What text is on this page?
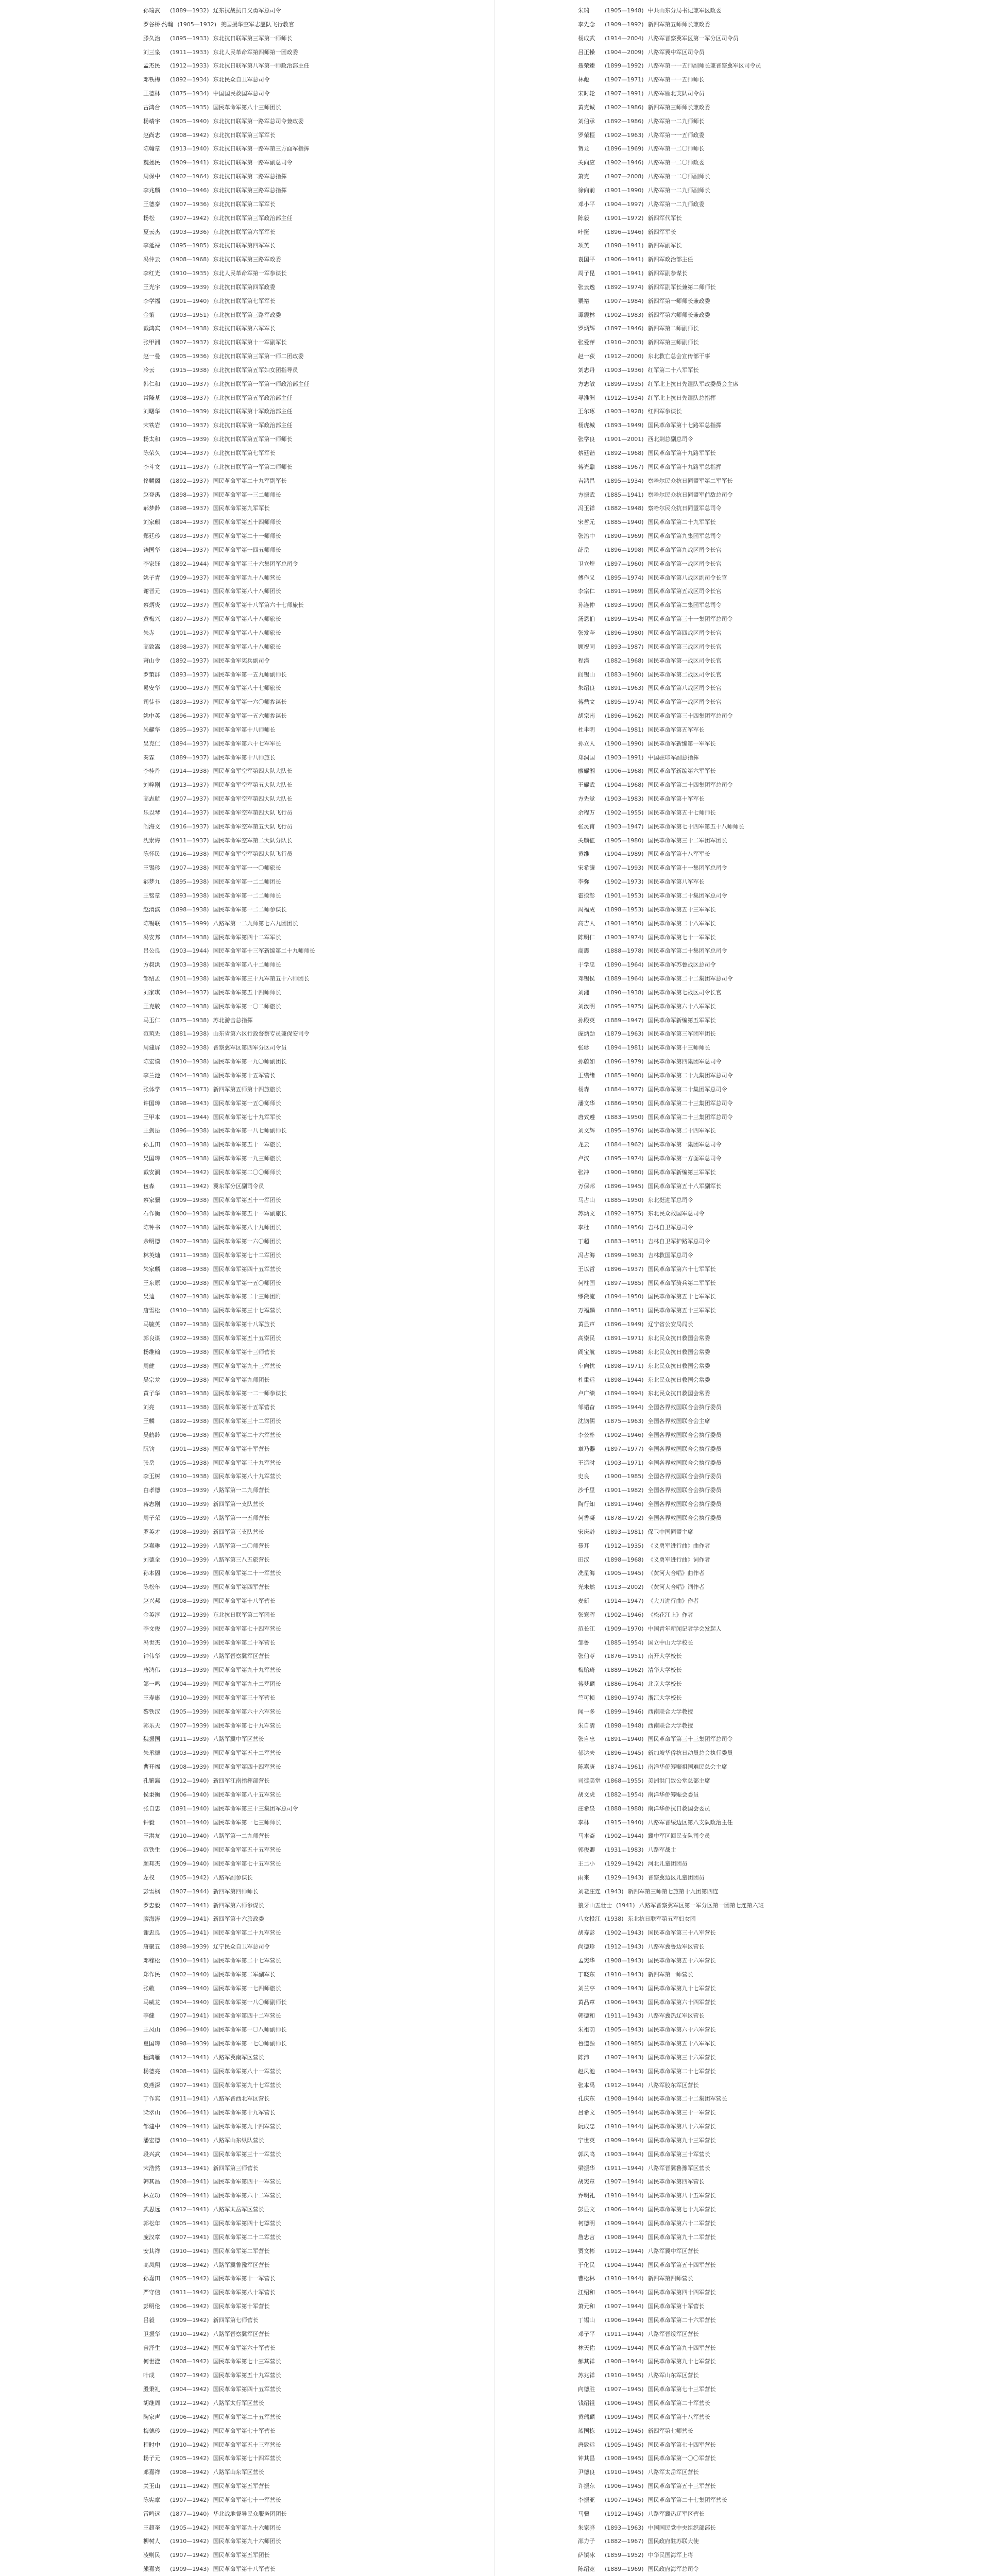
孙瑞武 (1889—1932) 辽东抗战抗日义勇军总司令
罗谷桥·约翰 (1905—1932) 美国援华空军志愿队飞行教官
滕久治 (1895—1933) 东北抗日联军第三军第一师师长
刘三泉 (1911—1933) 东北人民革命军第四师第一团政委
孟杰民 (1912—1933) 东北抗日联军第八军第一师政治部主任
邓铁梅 (1892—1934) 东北民众自卫军总司令
王德林 (1875—1934) 中国国民救国军总司令
古鸿台 (1905—1935) 国民革命军第八十三师团长
杨靖宇 (1905—1940) 东北抗日联军第一路军总司令兼政委
赵尚志 (1908—1942) 东北抗日联军第三军军长
陈翰章 (1913—1940) 东北抗日联军第一路军第三方面军指挥
魏拯民 (1909—1941) 东北抗日联军第一路军副总司令
周保中 (1902—1964) 东北抗日联军第二路军总指挥
李兆麟 (1910—1946) 东北抗日联军第三路军总指挥
王德泰 (1907—1936) 东北抗日联军第二军军长
杨松	(1907—1942) 东北抗日联军第三军政治部主任
夏云杰 (1903—1936) 东北抗日联军第六军军长
李延禄 (1895—1985) 东北抗日联军第四军军长
冯仲云 (1908—1968) 东北抗日联军第三路军政委
李红光 (1910—1935) 东北人民革命军第一军参谋长
王光宇 (1909—1939) 东北抗日联军第四军政委
李学福 (1901—1940) 东北抗日联军第七军军长
金策	(1903—1951) 东北抗日联军第三路军政委
戴鸿宾 (1904—1938) 东北抗日联军第六军军长
张甲洲 (1907—1937) 东北抗日联军第十一军副军长
赵一曼 (1905—1936) 东北抗日联军第三军第一师二团政委
冷云	(1915—1938) 东北抗日联军第五军妇女团指导员
韩仁和 (1910—1937) 东北抗日联军第一军第一师政治部主任
常隆基 (1908—1937) 东北抗日联军第五军政治部主任
刘曙华 (1910—1939) 东北抗日联军第十军政治部主任
宋铁岩 (1910—1937) 东北抗日联军第一军政治部主任
杨太和 (1905—1939) 东北抗日联军第五军第一师师长
陈荣久 (1904—1937) 东北抗日联军第七军军长
李斗文 (1911—1937) 东北抗日联军第一军第二师师长
佟麟阁 (1892—1937) 国民革命军第二十九军副军长
赵登禹 (1898—1937) 国民革命军第一三二师师长
郝梦龄 (1898—1937) 国民革命军第九军军长
刘家麒 (1894—1937) 国民革命军第五十四师师长
郑廷珍 (1893—1937) 国民革命军第二十一师师长
饶国华 (1894—1937) 国民革命军第一四五师师长
李家钰 (1892—1944) 国民革命军第三十六集团军总司令
姚子青 (1909—1937) 国民革命军第九十八师营长
谢晋元 (1905—1941) 国民革命军第八十八师团长
蔡炳炎 (1902—1937) 国民革命军第十八军第六十七师旅长
黄梅兴 (1897—1937) 国民革命军第八十八师旅长
朱赤	(1901—1937) 国民革命军第八十八师旅长
高致嵩 (1898—1937) 国民革命军第八十八师旅长
萧山令 (1892—1937) 国民革命军宪兵副司令
罗策群 (1893—1937) 国民革命军第一五九师副师长
易安华 (1900—1937) 国民革命军第八十七师旅长
司徒非 (1893—1937) 国民革命军第一六〇师参谋长
姚中英 (1896—1937) 国民革命军第一五六师参谋长
朱耀华 (1895—1937) 国民革命军第十八师师长
吴克仁 (1894—1937) 国民革命军第六十七军军长
秦霖	(1889—1937) 国民革命军第十八师旅长
李桂丹 (1914—1938) 国民革命军空军第四大队大队长
刘粹刚 (1913—1937) 国民革命军空军第五大队大队长
高志航 (1907—1937) 国民革命军空军第四大队大队长
乐以琴 (1914—1937) 国民革命军空军第四大队飞行员
阎海文 (1916—1937) 国民革命军空军第五大队飞行员
沈崇诲 (1911—1937) 国民革命军空军第二大队分队长
陈怀民 (1916—1938) 国民革命军空军第四大队飞行员
王锡珍 (1907—1938) 国民革命军第一一〇师旅长
郝梦九 (1895—1938) 国民革命军第一二二师团长
王铭章 (1893—1938) 国民革命军第一二二师师长
赵渭滨 (1898—1938) 国民革命军第一二二师参谋长
陈锡联 (1915—1999) 八路军第一二九师第七六九团团长
冯安邦 (1884—1938) 国民革命军第四十二军军长
吕公良 (1903—1944) 国民革命军第十三军新编第二十九师师长
方叔洪 (1903—1938) 国民革命军第八十二师师长
邹绍孟 (1901—1938) 国民革命军第三十九军第五十六师团长
刘家琪 (1894—1937) 国民革命军第五十四师师长
王克敬 (1902—1938) 国民革命军第一〇二师旅长
马玉仁 (1875—1938) 苏北游击总指挥
范筑先 (1881—1938) 山东省第六区行政督察专员兼保安司令
周建屏 (1892—1938) 晋察冀军区第四军分区司令员
陈宏谟 (1910—1938) 国民革命军第一九〇师副团长
李兰池 (1904—1938) 国民革命军第十五军营长
张体学 (1915—1973) 新四军第五师第十四旅旅长
许国璋 (1898—1943) 国民革命军第一五〇师师长
王甲本 (1901—1944) 国民革命军第七十九军军长
王剑岳 (1896—1938) 国民革命军第一八七师副师长
孙玉田 (1903—1938) 国民革命军第五十一军旅长
吴国璋 (1905—1938) 国民革命军第一九三师旅长
戴安澜 (1904—1942) 国民革命军第二〇〇师师长
包森	(1911—1942) 冀东军分区副司令员
蔡家骥 (1909—1938) 国民革命军第五十一军团长
石作衡 (1900—1938) 国民革命军第五十一军副旅长
陈钟书 (1907—1938) 国民革命军第八十九师团长
佘明德 (1907—1938) 国民革命军第一六〇师团长
林英灿 (1911—1938) 国民革命军第七十二军团长
朱家麟 (1898—1938) 国民革命军第四十五军营长
王东原 (1900—1938) 国民革命军第一五〇师团长
吴迪	(1907—1938) 国民革命军第二十三师团附
唐雪松 (1910—1938) 国民革命军第三十七军营长
马毓英 (1897—1938) 国民革命军第十八军旅长
郭良谋 (1902—1938) 国民革命军第五十五军团长
杨维翰 (1905—1938) 国民革命军第十三师营长
周健	(1903—1938) 国民革命军第九十三军营长
吴宗龙 (1909—1938) 国民革命军第九师团长
黄子华 (1893—1938) 国民革命军第一二一师参谋长
刘亮	(1911—1938) 国民革命军第十五军营长
王麟	(1892—1938) 国民革命军第三十二军团长
吴鹤龄 (1906—1938) 国民革命军第二十六军营长
阮钧	(1901—1938) 国民革命军第十军营长
张岳	(1905—1938) 国民革命军第三十九军营长
李玉树 (1910—1938) 国民革命军第八十九军营长
白孝德 (1903—1939) 八路军第一二九师营长
蒋志刚 (1910—1939) 新四军第一支队营长
周子荣 (1905—1939) 八路军第一一五师营长
罗英才 (1908—1939) 新四军第三支队营长
赵嘉琳 (1912—1939) 八路军第一二〇师营长
刘德全 (1910—1939) 八路军第三八五旅营长
孙本固 (1906—1939) 国民革命军第二十一军营长
陈松年 (1904—1939) 国民革命军第四军营长
赵兴邦 (1908—1939) 国民革命军第十八军营长
金英淳 (1912—1939) 东北抗日联军第二军团长
李文俊 (1907—1939) 国民革命军第七十四军营长
冯世杰 (1910—1939) 国民革命军第二十军营长
钟伟华 (1909—1939) 八路军晋察冀军区营长
唐鸿伟 (1913—1939) 国民革命军第九十九军营长
邹一鸣 (1904—1939) 国民革命军第九十二军团长
王寿康 (1910—1939) 国民革命军第三十军营长
黎铁汉 (1905—1939) 国民革命军第六十六军营长
郭乐天 (1907—1939) 国民革命军第七十九军营长
魏振国 (1911—1939) 八路军冀中军区营长
朱承德 (1903—1939) 国民革命军第五十二军营长
曹开福 (1908—1939) 国民革命军第四十四军营长
孔繁瀛 (1912—1940) 新四军江南指挥部营长
侯秉衡 (1906—1940) 国民革命军第八十五军营长
张自忠 (1891—1940) 国民革命军第三十三集团军总司令
钟毅	(1901—1940) 国民革命军第一七三师师长
王洪友 (1910—1940) 八路军第一二九师营长
范铁生 (1906—1940) 国民革命军第五十五军营长
颜邦杰 (1909—1940) 国民革命军第七十五军营长
左权	(1905—1942) 八路军副参谋长
彭雪枫 (1907—1944) 新四军第四师师长
罗忠毅 (1907—1941) 新四军第六师参谋长
廖海涛 (1909—1941) 新四军第十六旅政委
谢忠良 (1905—1941) 国民革命军第二十九军营长
唐聚五 (1898—1939) 辽宁民众自卫军总司令
邓稼松 (1910—1941) 国民革命军第二十七军营长
郑作民 (1902—1940) 国民革命军第二军副军长
张敬	(1899—1940) 国民革命军第一七四师旅长
马威龙 (1904—1940) 国民革命军第一八〇师副师长
李健	(1907—1941) 国民革命军第四十二军营长
王凤山 (1896—1940) 国民革命军第一〇八师副师长
夏国璋 (1898—1939) 国民革命军第一七〇师副师长
程鸿雁 (1912—1941) 八路军冀南军区营长
杨德亮 (1908—1941) 国民革命军第八十一军营长
莫燕深 (1907—1941) 国民革命军第九十七军营长
丁作宾 (1911—1941) 八路军晋西北军区营长
梁翠山 (1906—1941) 国民革命军第十九军营长
邹建中 (1909—1941) 国民革命军第九十四军营长
潘宏德 (1910—1941) 八路军山东纵队营长
段兴武 (1904—1941) 国民革命军第三十一军营长
宋浩然 (1913—1941) 新四军第三师营长
韩其昌 (1908—1941) 国民革命军第四十一军营长
林立功 (1909—1941) 国民革命军第六十二军营长
武思远 (1912—1941) 八路军太岳军区营长
郭松年 (1905—1941) 国民革命军第四十七军营长
庞汉章 (1907—1941) 国民革命军第二十二军营长
安其祥 (1910—1941) 国民革命军第二军营长
高凤翔 (1908—1942) 八路军冀鲁豫军区营长
孙嘉田 (1905—1942) 国民革命军第十一军营长
严守信 (1911—1942) 国民革命军第八十军营长
彭明伦 (1906—1942) 国民革命军第十军营长
吕毅	(1909—1942) 新四军第七师营长
卫振华 (1910—1942) 八路军晋察冀军区营长
曾泽生 (1903—1942) 国民革命军第六十军营长
何世澄 (1908—1942) 国民革命军第七十三军营长
叶成	(1907—1942) 国民革命军第五十九军营长
殷秉礼 (1904—1942) 国民革命军第四十五军营长
胡继周 (1912—1942) 八路军太行军区营长
陶家声 (1906—1942) 国民革命军第二十五军营长
梅德珍 (1909—1942) 国民革命军第七十军营长
程时中 (1910—1942) 国民革命军第五十三军营长
杨子元 (1905—1942) 国民革命军第七十四军营长
邓嘉祥 (1908—1942) 八路军山东军区营长
关玉山 (1911—1942) 国民革命军第五军营长
陈宪章 (1907—1942) 国民革命军第七十一军营长
雷鸣远 (1877—1940) 华北战地督导民众服务团团长
王超奎 (1905—1942) 国民革命军第九十六师团长
柳树人 (1910—1942) 国民革命军第九十六师团长
凌则民 (1907—1942) 国民革命军第五军团长
熊嘉宾 (1909—1943) 国民革命军第十八军营长
朱瑞	(1905—1948) 中共山东分局书记兼军区政委
李先念 (1909—1992) 新四军第五师师长兼政委
杨成武 (1914—2004) 八路军晋察冀军区第一军分区司令员
吕正操 (1904—2009) 八路军冀中军区司令员
聂荣臻 (1899—1992) 八路军第一一五师副师长兼晋察冀军区司令员
林彪	(1907—1971) 八路军第一一五师师长
宋时轮 (1907—1991) 八路军雁北支队司令员
黄克诚 (1902—1986) 新四军第三师师长兼政委
刘伯承 (1892—1986) 八路军第一二九师师长
罗荣桓 (1902—1963) 八路军第一一五师政委
贺龙	(1896—1969) 八路军第一二〇师师长
关向应 (1902—1946) 八路军第一二〇师政委
萧克	(1907—2008) 八路军第一二〇师副师长
徐向前 (1901—1990) 八路军第一二九师副师长
邓小平 (1904—1997) 八路军第一二九师政委
陈毅	(1901—1972) 新四军代军长
叶挺	(1896—1946) 新四军军长
项英	(1898—1941) 新四军副军长
袁国平 (1906—1941) 新四军政治部主任
周子昆 (1901—1941) 新四军副参谋长
张云逸 (1892—1974) 新四军副军长兼第二师师长
粟裕	(1907—1984) 新四军第一师师长兼政委
谭震林 (1902—1983) 新四军第六师师长兼政委
罗炳辉 (1897—1946) 新四军第二师副师长
张爱萍 (1910—2003) 新四军第三师副师长
赵一荻 (1912—2000) 东北救亡总会宣传部干事
刘志丹 (1903—1936) 红军第二十八军军长
方志敏 (1899—1935) 红军北上抗日先遣队军政委员会主席
寻淮洲 (1912—1934) 红军北上抗日先遣队总指挥
王尔琢 (1903—1928) 红四军参谋长
杨虎城 (1893—1949) 国民革命军第十七路军总指挥
张学良 (1901—2001) 西北剿总副总司令
蔡廷锴 (1892—1968) 国民革命军第十九路军军长
蒋光鼐 (1888—1967) 国民革命军第十九路军总指挥
吉鸿昌 (1895—1934) 察哈尔民众抗日同盟军第二军军长
方振武 (1885—1941) 察哈尔民众抗日同盟军前敌总司令
冯玉祥 (1882—1948) 察哈尔民众抗日同盟军总司令
宋哲元 (1885—1940) 国民革命军第二十九军军长
张治中 (1890—1969) 国民革命军第九集团军总司令
薛岳	(1896—1998) 国民革命军第九战区司令长官
卫立煌 (1897—1960) 国民革命军第一战区司令长官
傅作义 (1895—1974) 国民革命军第八战区副司令长官
李宗仁 (1891—1969) 国民革命军第五战区司令长官
孙连仲 (1893—1990) 国民革命军第二集团军总司令
汤恩伯 (1899—1954) 国民革命军第三十一集团军总司令
张发奎 (1896—1980) 国民革命军第四战区司令长官
顾祝同 (1893—1987) 国民革命军第三战区司令长官
程潜	(1882—1968) 国民革命军第一战区司令长官
阎锡山 (1883—1960) 国民革命军第二战区司令长官
朱绍良 (1891—1963) 国民革命军第八战区司令长官
蒋鼎文 (1895—1974) 国民革命军第一战区司令长官
胡宗南 (1896—1962) 国民革命军第三十四集团军总司令
杜聿明 (1904—1981) 国民革命军第五军军长
孙立人 (1900—1990) 国民革命军新编第一军军长
郑洞国 (1903—1991) 中国驻印军副总指挥
廖耀湘 (1906—1968) 国民革命军新编第六军军长
王耀武 (1904—1968) 国民革命军第二十四集团军总司令
方先觉 (1903—1983) 国民革命军第十军军长
余程万 (1902—1955) 国民革命军第五十七师师长
张灵甫 (1903—1947) 国民革命军第七十四军第五十八师师长
关麟征 (1905—1980) 国民革命军第三十二军团军团长
黄维	(1904—1989) 国民革命军第十八军军长
宋希濂 (1907—1993) 国民革命军第十一集团军总司令
李弥	(1902—1973) 国民革命军第八军军长
霍揆彰 (1901—1953) 国民革命军第二十集团军总司令
周福成 (1898—1953) 国民革命军第五十三军军长
高吉人 (1901—1950) 国民革命军第二十八军军长
陈明仁 (1903—1974) 国民革命军第七十一军军长
商震	(1888—1978) 国民革命军第二十集团军总司令
于学忠 (1890—1964) 国民革命军苏鲁战区总司令
邓锡侯 (1889—1964) 国民革命军第二十二集团军总司令
刘湘	(1890—1938) 国民革命军第七战区司令长官
刘汝明 (1895—1975) 国民革命军第六十八军军长
孙殿英 (1889—1947) 国民革命军新编第五军军长
庞炳勋 (1879—1963) 国民革命军第三军团军团长
张轸	(1894—1981) 国民革命军第十三师师长
孙蔚如 (1896—1979) 国民革命军第四集团军总司令
王缵绪 (1885—1960) 国民革命军第二十九集团军总司令
杨森	(1884—1977) 国民革命军第二十集团军总司令
潘文华 (1886—1950) 国民革命军第二十三集团军总司令
唐式遵 (1883—1950) 国民革命军第二十三集团军总司令
刘文辉 (1895—1976) 国民革命军第二十四军军长
龙云	(1884—1962) 国民革命军第一集团军总司令
卢汉	(1895—1974) 国民革命军第一方面军总司令
张冲	(1900—1980) 国民革命军新编第三军军长
万保邦 (1896—1945) 国民革命军第五十八军副军长
马占山 (1885—1950) 东北挺进军总司令
苏炳文 (1892—1975) 东北民众救国军总司令
李杜	(1880—1956) 吉林自卫军总司令
丁超	(1883—1951) 吉林自卫军护路军总司令
冯占海 (1899—1963) 吉林救国军总司令
王以哲 (1896—1937) 国民革命军第六十七军军长
何柱国 (1897—1985) 国民革命军骑兵第二军军长
缪澂流 (1894—1950) 国民革命军第五十七军军长
万福麟 (1880—1951) 国民革命军第五十三军军长
黄显声 (1896—1949) 辽宁省公安局局长
高崇民 (1891—1971) 东北民众抗日救国会常委
阎宝航 (1895—1968) 东北民众抗日救国会常委
车向忱 (1898—1971) 东北民众抗日救国会常委
杜重远 (1898—1944) 东北民众抗日救国会常委
卢广绩 (1894—1994) 东北民众抗日救国会常委
邹韬奋 (1895—1944) 全国各界救国联合会执行委员
沈钧儒 (1875—1963) 全国各界救国联合会主席
李公朴 (1902—1946) 全国各界救国联合会执行委员
章乃器 (1897—1977) 全国各界救国联合会执行委员
王造时 (1903—1971) 全国各界救国联合会执行委员
史良	(1900—1985) 全国各界救国联合会执行委员
沙千里 (1901—1982) 全国各界救国联合会执行委员
陶行知 (1891—1946) 全国各界救国联合会执行委员
何香凝 (1878—1972) 全国各界救国联合会执行委员
宋庆龄 (1893—1981) 保卫中国同盟主席
聂耳	(1912—1935) 《义勇军进行曲》曲作者
田汉	(1898—1968) 《义勇军进行曲》词作者
冼星海 (1905—1945) 《黄河大合唱》曲作者
光未然 (1913—2002) 《黄河大合唱》词作者
麦新	(1914—1947) 《大刀进行曲》作者
张寒晖 (1902—1946) 《松花江上》作者
范长江 (1909—1970) 中国青年新闻记者学会发起人
邹鲁	(1885—1954) 国立中山大学校长
张伯苓 (1876—1951) 南开大学校长
梅贻琦 (1889—1962) 清华大学校长
蒋梦麟 (1886—1964) 北京大学校长
竺可桢 (1890—1974) 浙江大学校长
闻一多 (1899—1946) 西南联合大学教授
朱自清 (1898—1948) 西南联合大学教授
张自忠 (1891—1940) 国民革命军第三十三集团军总司令
郁达夫 (1896—1945) 新加坡华侨抗日动员总会执行委员
陈嘉庚 (1874—1961) 南洋华侨筹赈祖国难民总会主席
司徒美堂 (1868—1955) 美洲洪门致公堂总部主席
胡文虎 (1882—1954) 南洋华侨筹赈会委员
庄希泉 (1888—1988) 南洋华侨抗日救国会委员
李林	(1915—1940) 八路军晋绥边区第八支队政治主任
马本斋 (1902—1944) 冀中军区回民支队司令员
郭俊卿 (1931—1983) 八路军战士
王二小 (1929—1942) 河北儿童团团员
雨来	(1929—1943) 晋察冀边区儿童团团员
刘老庄连 (1943) 新四军第三师第七旅第十九团第四连
狼牙山五壮士 (1941) 八路军晋察冀军区第一军分区第一团第七连第六班
八女投江 (1938) 东北抗日联军第五军妇女团
胡寿彭 (1902—1943) 国民革命军第三十八军营长
尚德珍 (1912—1943) 八路军冀鲁边军区营长
孟宪华 (1908—1943) 国民革命军第五十六军营长
丁晓东 (1910—1943) 新四军第一师营长
刘兰亭 (1909—1943) 国民革命军第九十七军营长
黄品章 (1906—1943) 国民革命军第六十四军营长
韩德和 (1911—1943) 八路军冀热辽军区营长
朱祖荫 (1905—1943) 国民革命军第六十六军营长
鲁道源 (1900—1985) 国民革命军第五十八军军长
陈沛	(1907—1943) 国民革命军第三十六军营长
赵凤池 (1904—1943) 国民革命军第二十七军营长
张本禹 (1912—1944) 八路军胶东军区营长
孔庆东 (1908—1944) 国民革命军第二十二集团军营长
吕希文 (1905—1944) 国民革命军第三十一军营长
阮成忠 (1910—1944) 国民革命军第八十六军营长
宁世英 (1909—1944) 国民革命军第九十三军营长
郭凤鸣 (1903—1944) 国民革命军第三十军营长
梁振华 (1911—1944) 八路军晋冀鲁豫军区营长
胡宪章 (1907—1944) 国民革命军第四军营长
乔明礼 (1910—1944) 国民革命军第八十五军营长
彭显文 (1906—1944) 国民革命军第七十九军营长
柯德明 (1909—1944) 国民革命军第六十二军营长
詹忠言 (1908—1944) 国民革命军第九十二军营长
贾文彬 (1912—1944) 八路军冀中军区营长
于化民 (1904—1944) 国民革命军第五十四军营长
曹松林 (1910—1944) 新四军第四师营长
江绍和 (1905—1944) 国民革命军第四十四军营长
萧元和 (1907—1944) 国民革命军第十军营长
丁锡山 (1906—1944) 国民革命军第二十六军营长
邓子平 (1911—1944) 八路军晋绥军区营长
林天佑 (1909—1944) 国民革命军第九十四军营长
郝其祥 (1908—1944) 国民革命军第九十七军营长
苏兆祥 (1910—1945) 八路军山东军区营长
向德胜 (1907—1945) 国民革命军第七十三军营长
钱绍祖 (1906—1945) 国民革命军第二十军营长
黄瑞麟 (1909—1945) 国民革命军第十八军营长
蓝国栋 (1912—1945) 新四军第七师营长
唐致远 (1905—1945) 国民革命军第七十四军营长
钟其昌 (1908—1945) 国民革命军第一〇〇军营长
尹德良 (1910—1945) 八路军太岳军区营长
许振东 (1906—1945) 国民革命军第五十三军营长
李振亚 (1907—1945) 国民革命军第二十七集团军营长
马骥	(1912—1945) 八路军冀热辽军区营长
朱家骅 (1893—1963) 中国国民党中央组织部部长
邵力子 (1882—1967) 国民政府驻苏联大使
萨镇冰 (1859—1952) 中华民国海军上将
陈绍宽 (1889—1969) 国民政府海军总司令
